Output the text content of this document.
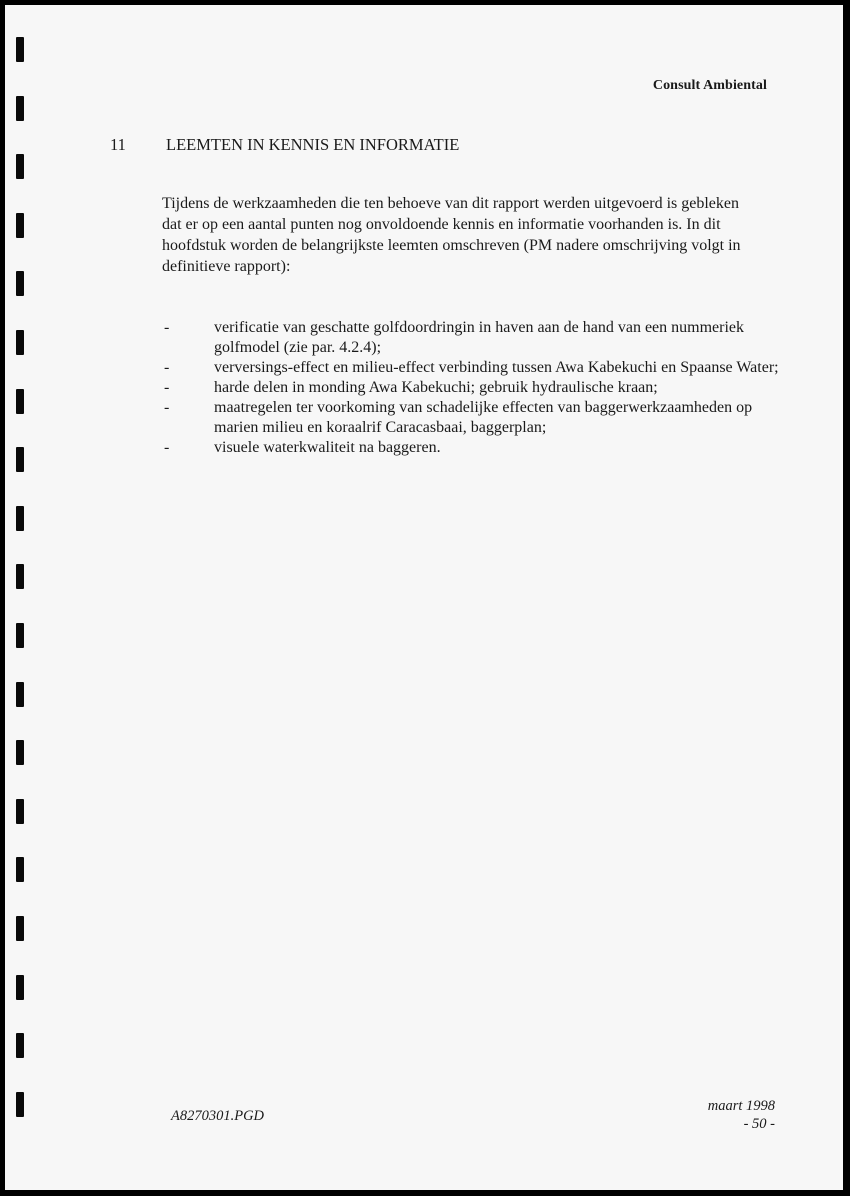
Consult Ambiental
11 LEEMTEN IN KENNIS EN INFORMATIE

Tijdens de werkzaamheden die ten behoeve van dit rapport werden uitgevoerd is gebleken dat er op een aantal punten nog onvoldoende kennis en informatie voorhanden is. In dit hoofdstuk worden de belangrijkste leemten omschreven (PM nadere omschrijving volgt in definitieve rapport):

-	verificatie van geschatte golfdoordringin in haven aan de hand van een nummeriek golfmodel (zie par. 4.2.4);

-	verversings-effect en milieu-effect verbinding tussen Awa Kabekuchi en Spaanse Water;

-	harde delen in monding Awa Kabekuchi; gebruik hydraulische kraan;

-	maatregelen ter voorkoming van schadelijke effecten van baggerwerkzaamheden op marien milieu en koraalrif Caracasbaai, baggerplan;

-	visuele waterkwaliteit na baggeren.

A8270301.PGD
maart 1998
- 50 -
